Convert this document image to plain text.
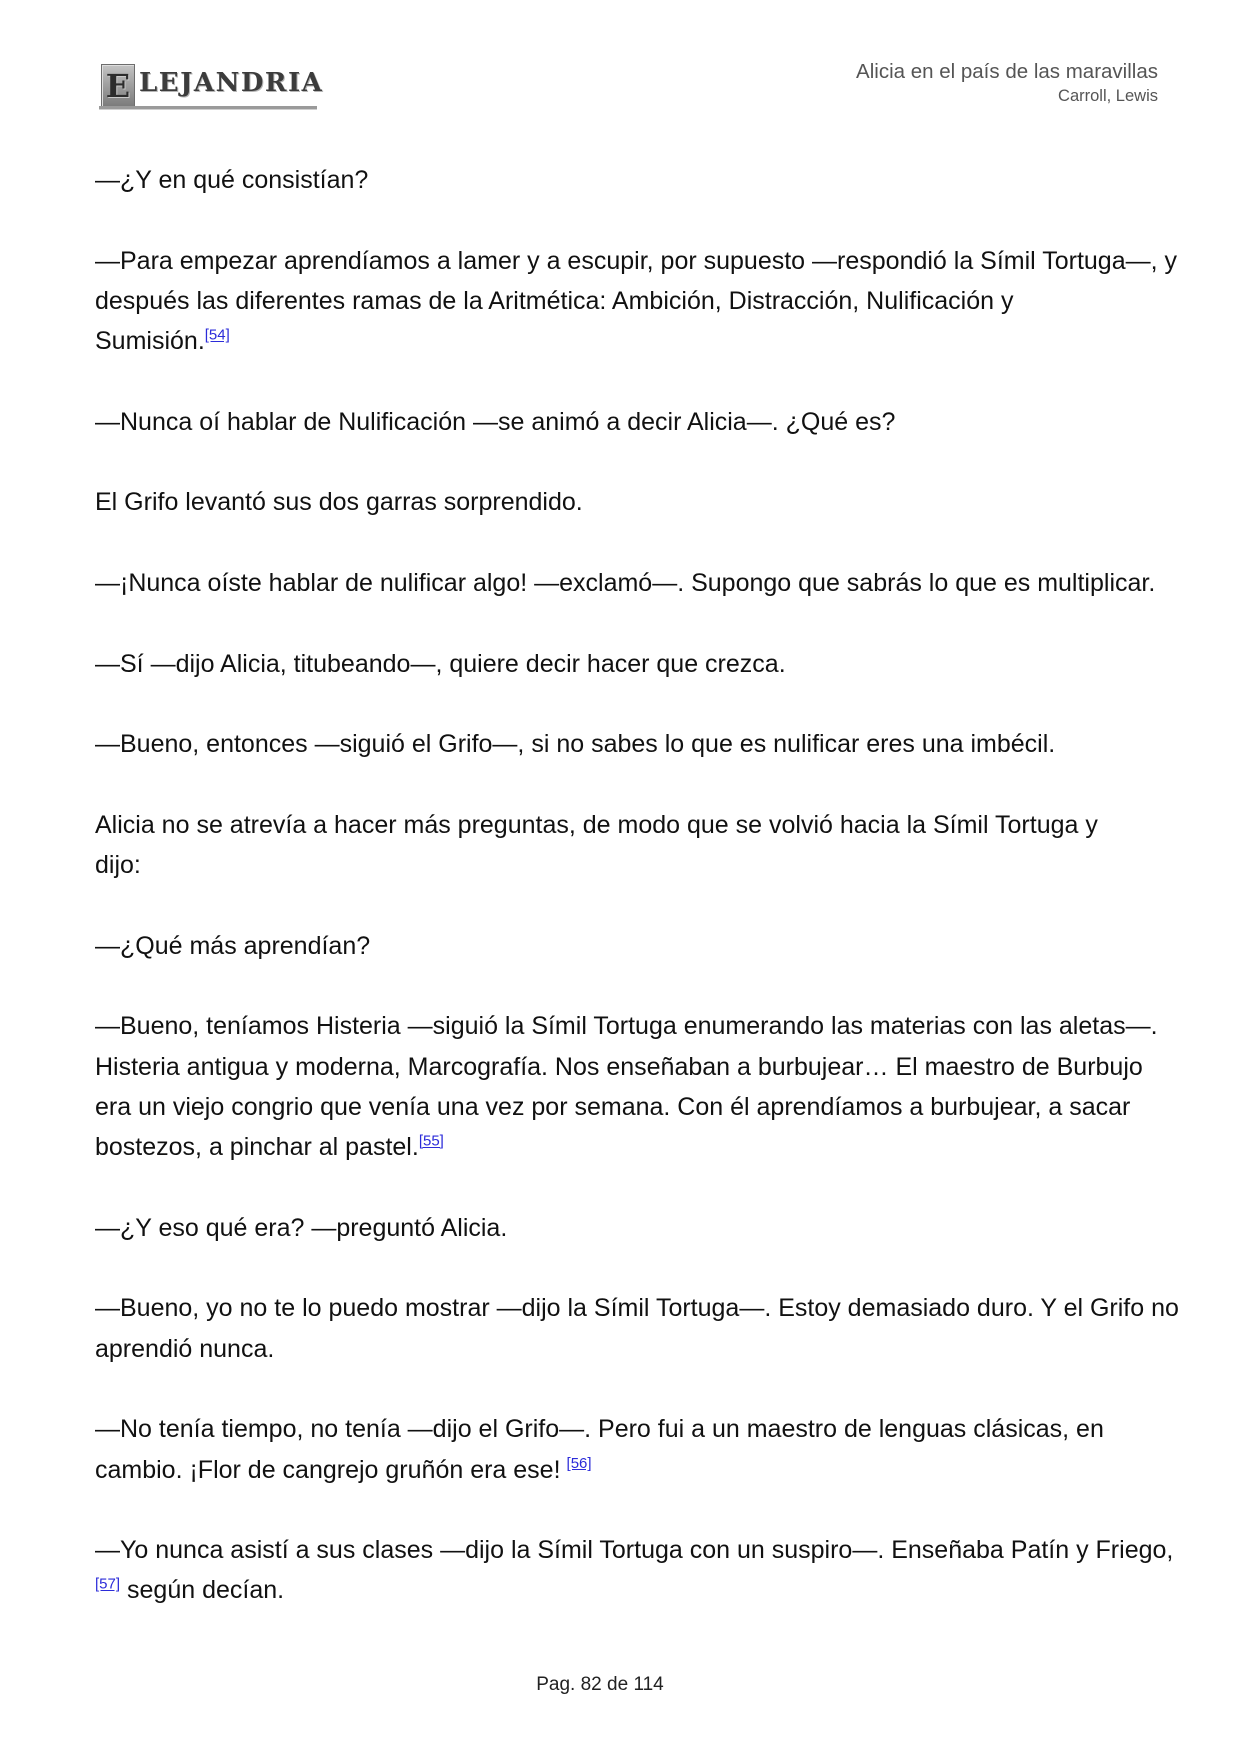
E LEJANDRIA	Alicia en el país de las maravillas
Carroll, Lewis

—¿Y en qué consistían?

—Para empezar aprendíamos a lamer y a escupir, por supuesto —respondió la Símil Tortuga—, y
después las diferentes ramas de la Aritmética: Ambición, Distracción, Nulificación y
Sumisión.[54]

—Nunca oí hablar de Nulificación —se animó a decir Alicia—. ¿Qué es?

El Grifo levantó sus dos garras sorprendido.

—¡Nunca oíste hablar de nulificar algo! —exclamó—. Supongo que sabrás lo que es multiplicar.

—Sí —dijo Alicia, titubeando—, quiere decir hacer que crezca.

—Bueno, entonces —siguió el Grifo—, si no sabes lo que es nulificar eres una imbécil.

Alicia no se atrevía a hacer más preguntas, de modo que se volvió hacia la Símil Tortuga y
dijo:

—¿Qué más aprendían?

—Bueno, teníamos Histeria —siguió la Símil Tortuga enumerando las materias con las aletas—.
Histeria antigua y moderna, Marcografía. Nos enseñaban a burbujear… El maestro de Burbujo
era un viejo congrio que venía una vez por semana. Con él aprendíamos a burbujear, a sacar
bostezos, a pinchar al pastel.[55]

—¿Y eso qué era? —preguntó Alicia.

—Bueno, yo no te lo puedo mostrar —dijo la Símil Tortuga—. Estoy demasiado duro. Y el Grifo no
aprendió nunca.

—No tenía tiempo, no tenía —dijo el Grifo—. Pero fui a un maestro de lenguas clásicas, en
cambio. ¡Flor de cangrejo gruñón era ese! [56]

—Yo nunca asistí a sus clases —dijo la Símil Tortuga con un suspiro—. Enseñaba Patín y Friego,
[57] según decían.

Pag. 82 de 114
